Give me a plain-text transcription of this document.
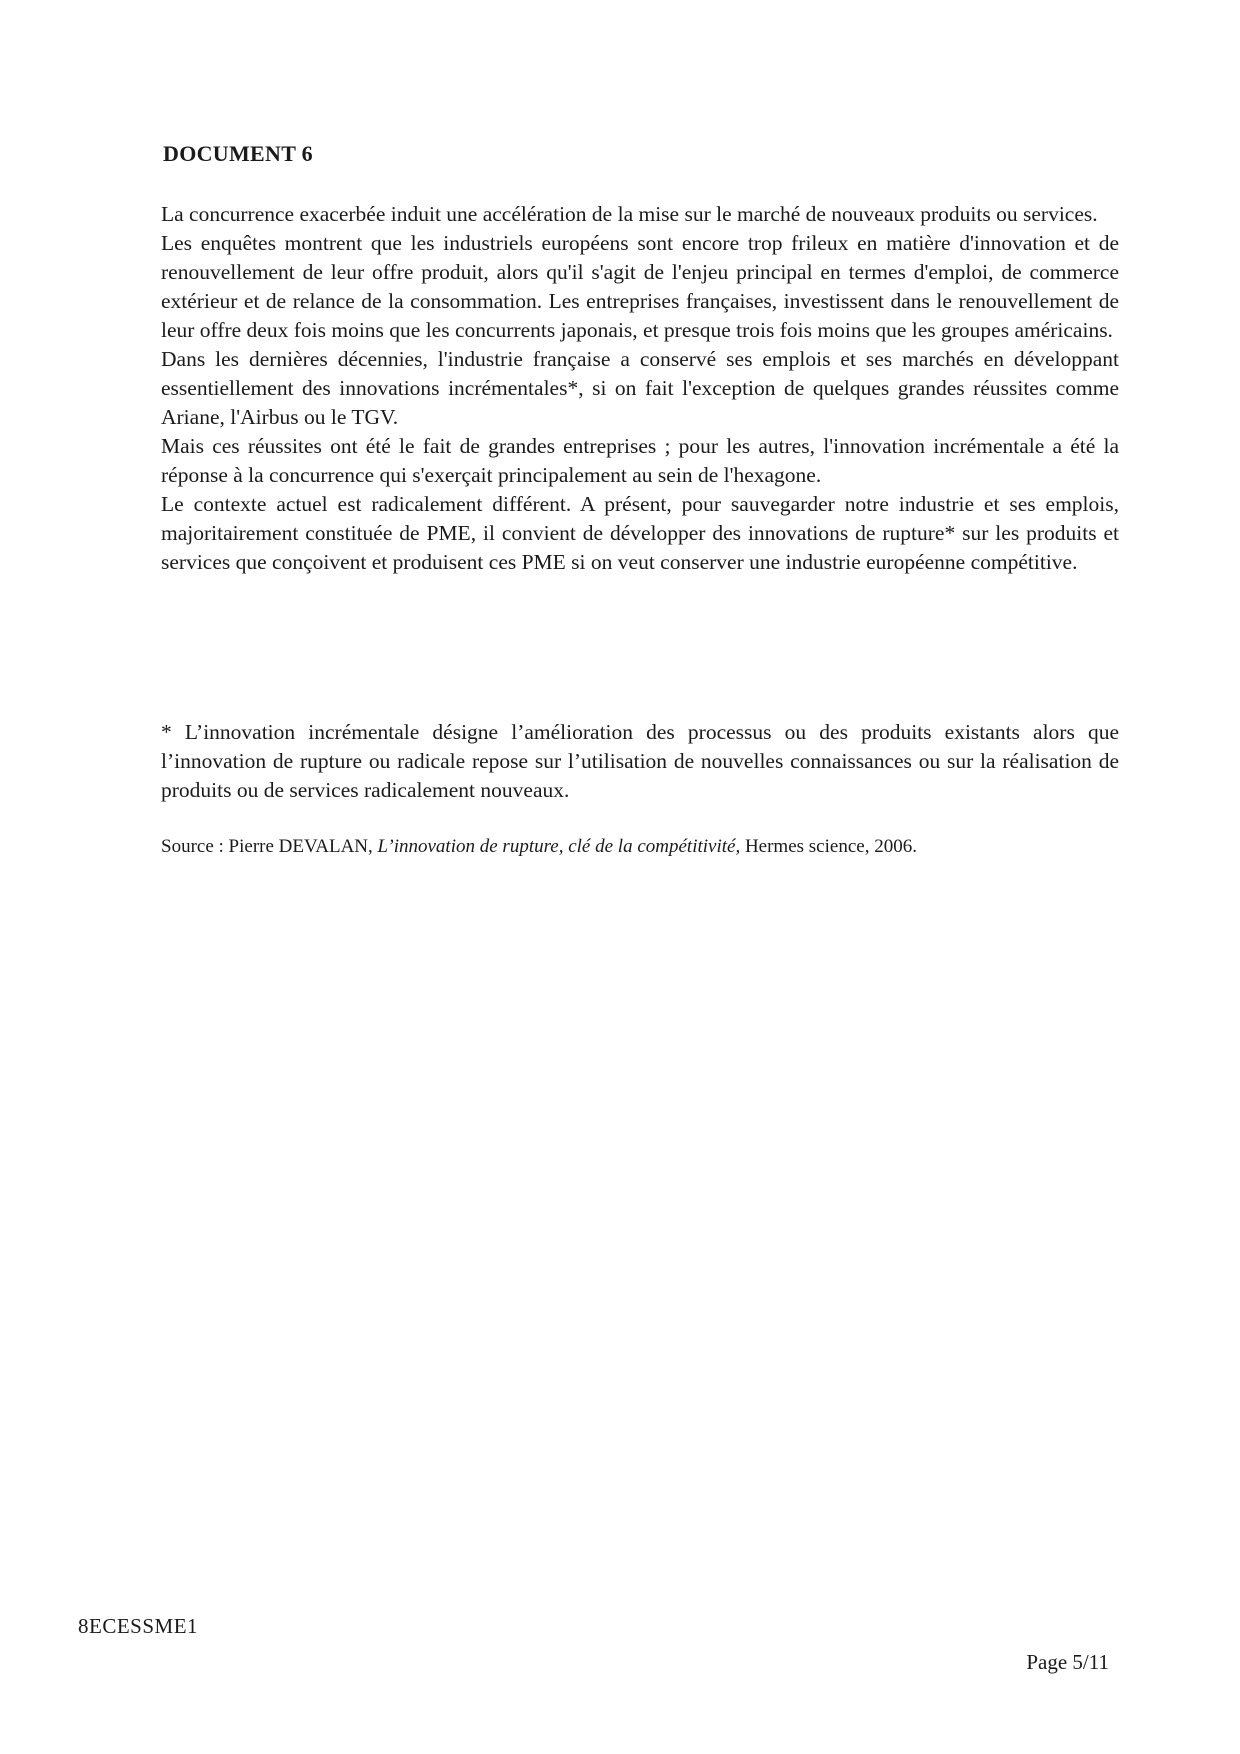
DOCUMENT 6

La concurrence exacerbée induit une accélération de la mise sur le marché de nouveaux produits ou services.

Les enquêtes montrent que les industriels européens sont encore trop frileux en matière d'innovation et de renouvellement de leur offre produit, alors qu'il s'agit de l'enjeu principal en termes d'emploi, de commerce extérieur et de relance de la consommation. Les entreprises françaises, investissent dans le renouvellement de leur offre deux fois moins que les concurrents japonais, et presque trois fois moins que les groupes américains.

Dans les dernières décennies, l'industrie française a conservé ses emplois et ses marchés en développant essentiellement des innovations incrémentales*, si on fait l'exception de quelques grandes réussites comme Ariane, l'Airbus ou le TGV.

Mais ces réussites ont été le fait de grandes entreprises ; pour les autres, l'innovation incrémentale a été la réponse à la concurrence qui s'exerçait principalement au sein de l'hexagone.

Le contexte actuel est radicalement différent. A présent, pour sauvegarder notre industrie et ses emplois, majoritairement constituée de PME, il convient de développer des innovations de rupture* sur les produits et services que conçoivent et produisent ces PME si on veut conserver une industrie européenne compétitive.

* L’innovation incrémentale désigne l’amélioration des processus ou des produits existants alors que l’innovation de rupture ou radicale repose sur l’utilisation de nouvelles connaissances ou sur la réalisation de produits ou de services radicalement nouveaux.

Source : Pierre DEVALAN, L’innovation de rupture, clé de la compétitivité, Hermes science, 2006.

8ECESSME1
Page 5/11
